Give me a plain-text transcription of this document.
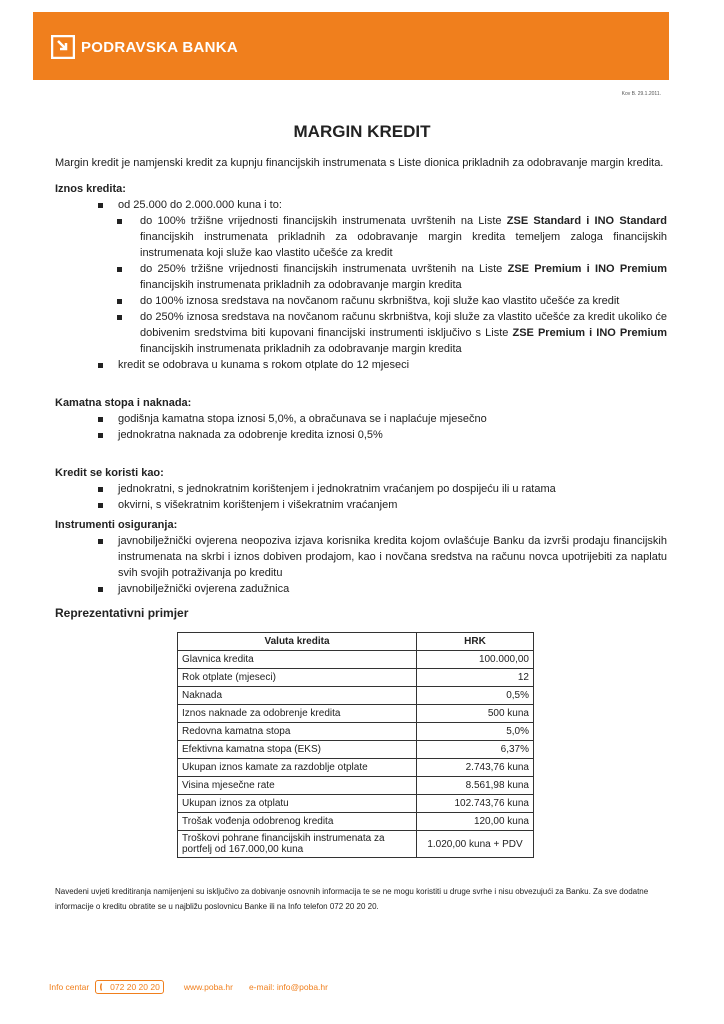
PODRAVSKA BANKA
Kov B. 29.1.2011.
MARGIN KREDIT

Margin kredit je namjenski kredit za kupnju financijskih instrumenata s Liste dionica prikladnih za odobravanje margin kredita.

Iznos kredita:
od 25.000 do 2.000.000 kuna i to:
do 100% tržišne vrijednosti financijskih instrumenata uvrštenih na Liste ZSE Standard i INO Standard financijskih instrumenata prikladnih za odobravanje margin kredita temeljem zaloga financijskih instrumenata koji služe kao vlastito učešće za kredit
do 250% tržišne vrijednosti financijskih instrumenata uvrštenih na Liste ZSE Premium i INO Premium financijskih instrumenata prikladnih za odobravanje margin kredita
do 100% iznosa sredstava na novčanom računu skrbništva, koji služe kao vlastito učešće za kredit
do 250% iznosa sredstava na novčanom računu skrbništva, koji služe za vlastito učešće za kredit ukoliko će dobivenim sredstvima biti kupovani financijski instrumenti isključivo s Liste ZSE Premium i INO Premium financijskih instrumenata prikladnih za odobravanje margin kredita
kredit se odobrava u kunama s rokom otplate do 12 mjeseci
Kamatna stopa i naknada:
godišnja kamatna stopa iznosi 5,0%, a obračunava se i naplaćuje mjesečno
jednokratna naknada za odobrenje kredita iznosi 0,5%
Kredit se koristi kao:
jednokratni, s jednokratnim korištenjem i jednokratnim vraćanjem po dospijeću ili u ratama
okvirni, s višekratnim korištenjem i višekratnim vraćanjem
Instrumenti osiguranja:
javnobilježnički ovjerena neopoziva izjava korisnika kredita kojom ovlašćuje Banku da izvrši prodaju financijskih instrumenata na skrbi i iznos dobiven prodajom, kao i novčana sredstva na računu novca upotrijebiti za naplatu svih svojih potraživanja po kreditu
javnobilježnički ovjerena zadužnica
Reprezentativni primjer
Valuta kredita	HRK
Glavnica kredita	100.000,00
Rok otplate (mjeseci)	12
Naknada	0,5%
Iznos naknade za odobrenje kredita	500 kuna
Redovna kamatna stopa	5,0%
Efektivna kamatna stopa (EKS)	6,37%
Ukupan iznos kamate za razdoblje otplate	2.743,76 kuna
Visina mjesečne rate	8.561,98 kuna
Ukupan iznos za otplatu	102.743,76 kuna
Trošak vođenja odobrenog kredita	120,00 kuna
Troškovi pohrane financijskih instrumenata za portfelj od 167.000,00 kuna	1.020,00 kuna + PDV
Navedeni uvjeti kreditiranja namijenjeni su isključivo za dobivanje osnovnih informacija te se ne mogu koristiti u druge svrhe i nisu obvezujući za Banku. Za sve dodatne informacije o kreditu obratite se u najbližu poslovnicu Banke ili na Info telefon 072 20 20 20.
Info centar 072 20 20 20	www.poba.hr e-mail: info@poba.hr
